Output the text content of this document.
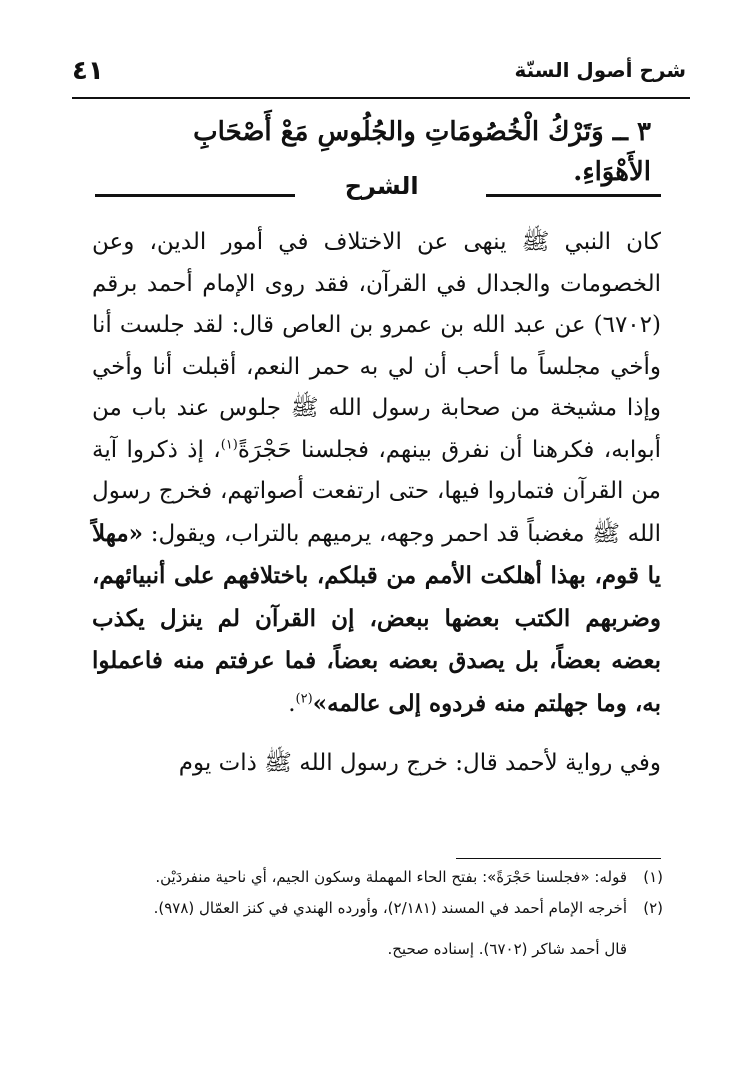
شرح أصول السنّة
٤١
٣ ــ وَتَرْكُ الْخُصُومَاتِ والجُلُوسِ مَعْ أَصْحَابِ الأَهْوَاءِ.
الشرح

كان النبي ﷺ ينهى عن الاختلاف في أمور الدين، وعن الخصومات والجدال في القرآن، فقد روى الإمام أحمد برقم (٦٧٠٢) عن عبد الله بن عمرو بن العاص قال: لقد جلست أنا وأخي مجلساً ما أحب أن لي به حمر النعم، أقبلت أنا وأخي وإذا مشيخة من صحابة رسول الله ﷺ جلوس عند باب من أبوابه، فكرهنا أن نفرق بينهم، فجلسنا حَجْرَةً$^{(١)}$، إذ ذكروا آية من القرآن فتماروا فيها، حتى ارتفعت أصواتهم، فخرج رسول الله ﷺ مغضباً قد احمر وجهه، يرميهم بالتراب، ويقول: «مهلاً يا قوم، بهذا أهلكت الأمم من قبلكم، باختلافهم على أنبيائهم، وضربهم الكتب بعضها ببعض، إن القرآن لم ينزل يكذب بعضه بعضاً، بل يصدق بعضه بعضاً، فما عرفتم منه فاعملوا به، وما جهلتم منه فردوه إلى عالمه»$^{(٢)}$.

وفي رواية لأحمد قال: خرج رسول الله ﷺ ذات يوم

(١)
قوله: «فجلسنا حَجْرَةً»: بفتح الحاء المهملة وسكون الجيم، أي ناحية منفردَيْن.
(٢)
أخرجه الإمام أحمد في المسند (٢/١٨١)، وأورده الهندي في كنز العمّال (٩٧٨).
قال أحمد شاكر (٦٧٠٢). إسناده صحيح.
